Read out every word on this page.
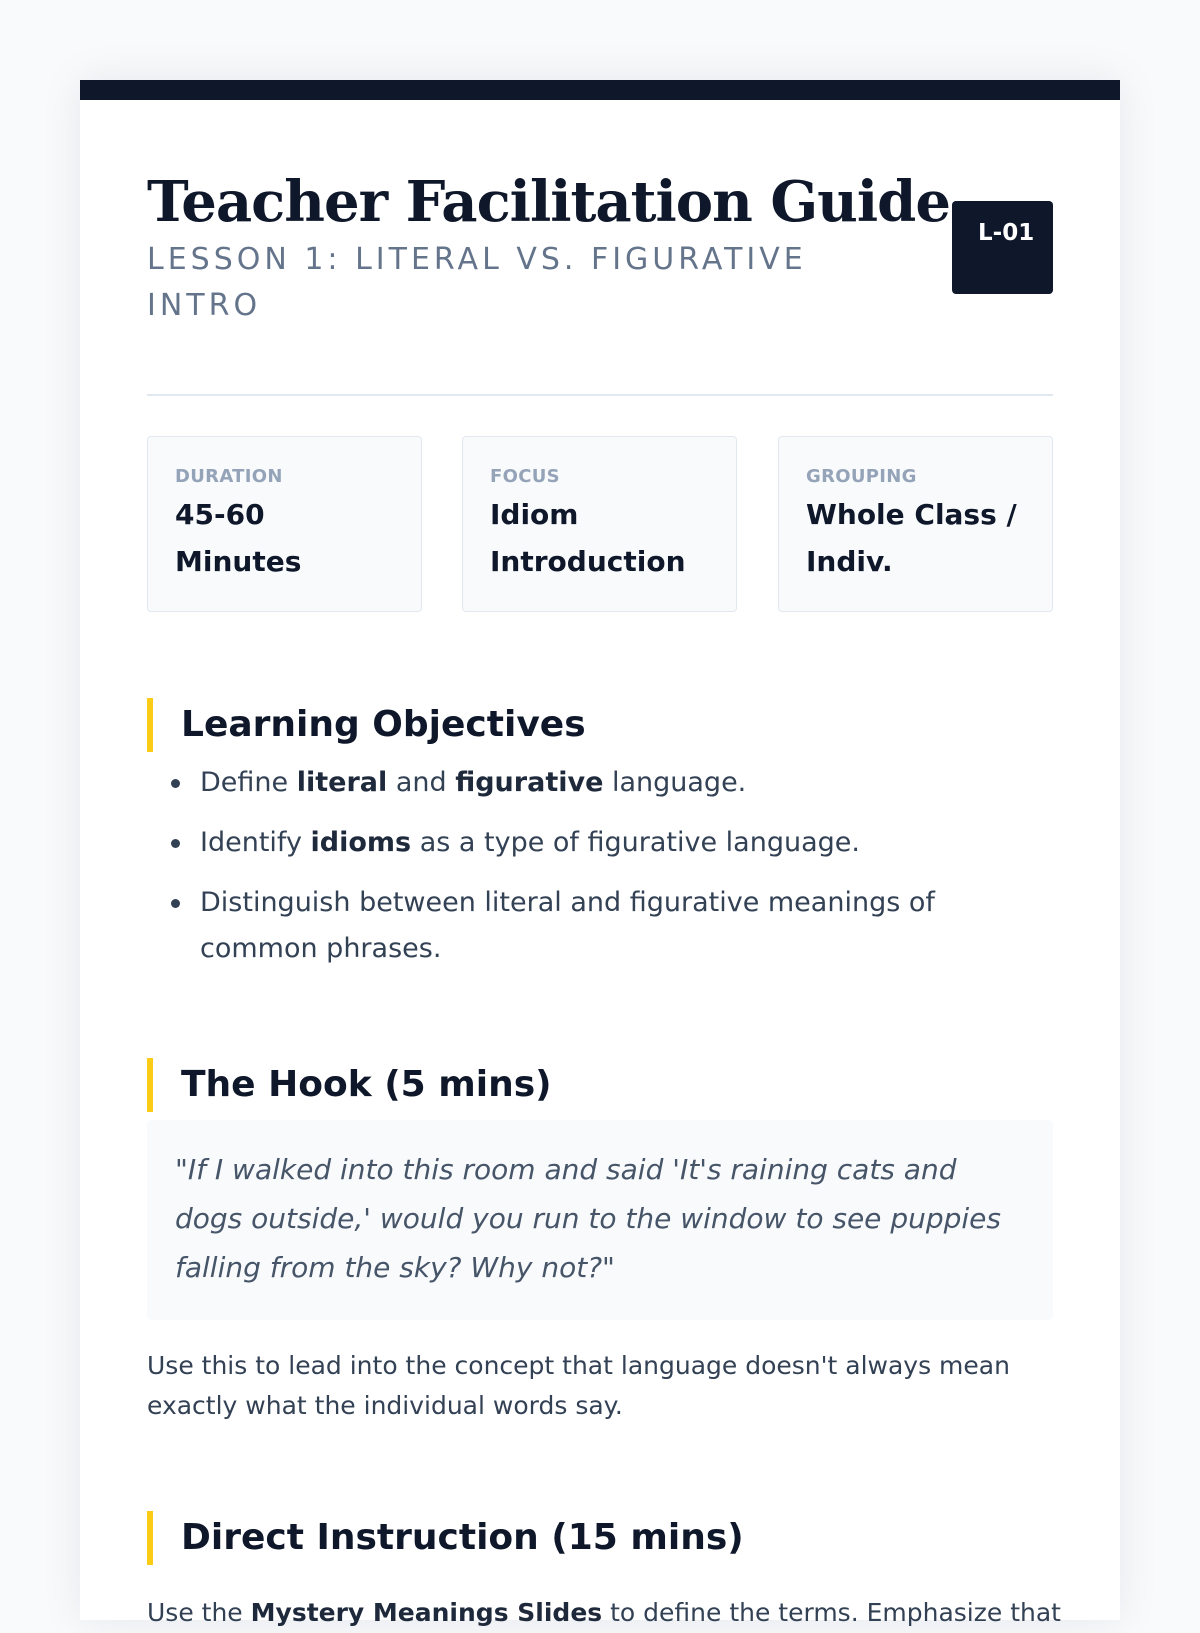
Teacher Facilitation Guide

LESSON 1: LITERAL VS. FIGURATIVE INTRO

L-01
DURATION
45-60 Minutes
FOCUS
Idiom Introduction
GROUPING
Whole Class / Indiv.
Learning Objectives
Define literal and figurative language.
Identify idioms as a type of figurative language.
Distinguish between literal and figurative meanings of common phrases.
The Hook (5 mins)
"If I walked into this room and said 'It's raining cats and dogs outside,' would you run to the window to see puppies falling from the sky? Why not?"

Use this to lead into the concept that language doesn't always mean exactly what the individual words say.

Direct Instruction (15 mins)

Use the Mystery Meanings Slides to define the terms. Emphasize that
